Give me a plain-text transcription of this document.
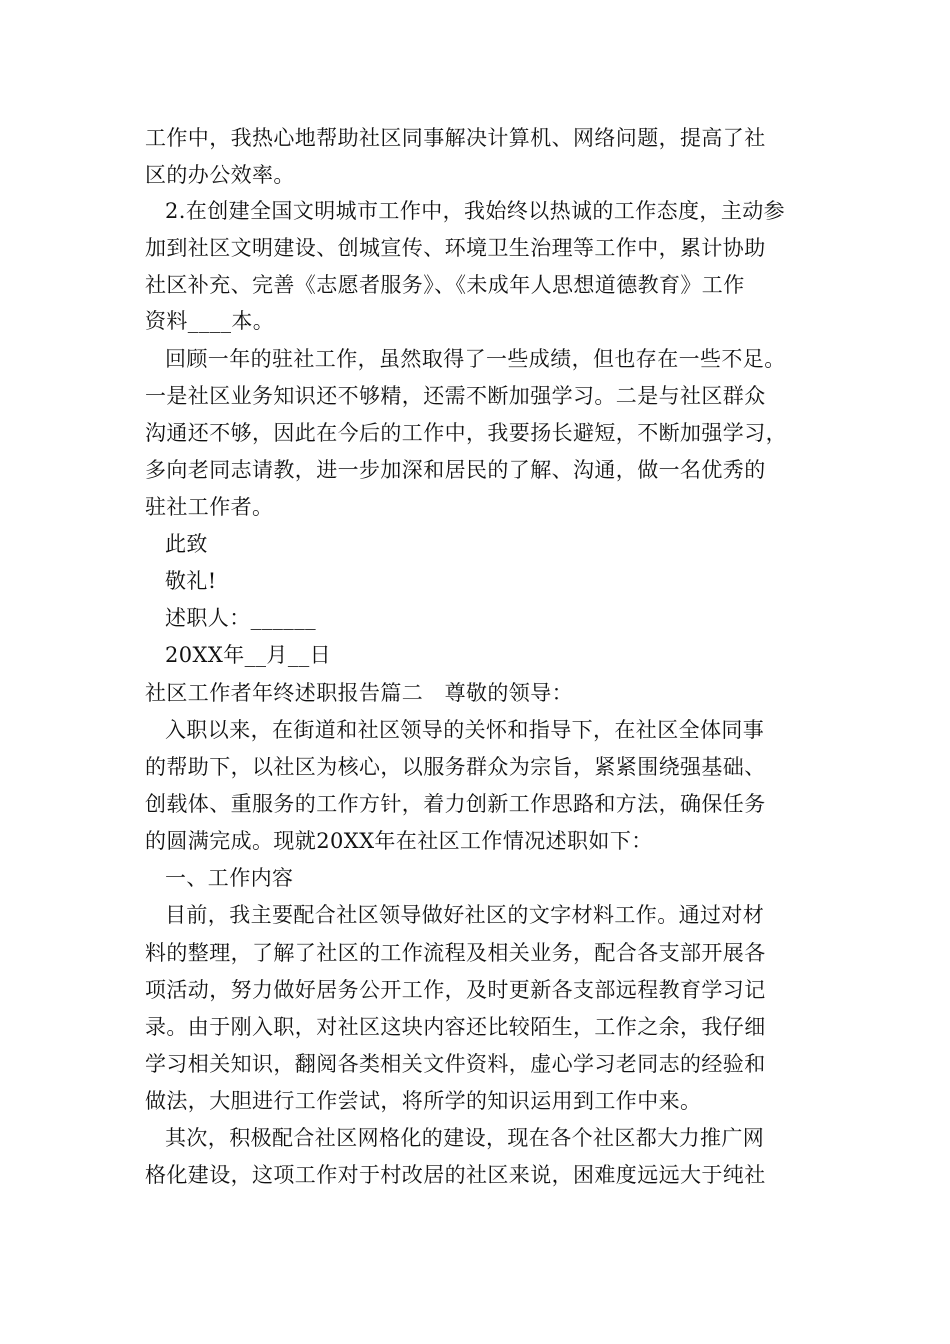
工作中，我热心地帮助社区同事解决计算机、网络问题，提高了社
区的办公效率。
2.在创建全国文明城市工作中，我始终以热诚的工作态度，主动参
加到社区文明建设、创城宣传、环境卫生治理等工作中，累计协助
社区补充、完善《志愿者服务》、《未成年人思想道德教育》工作
资料____本。
回顾一年的驻社工作，虽然取得了一些成绩，但也存在一些不足。
一是社区业务知识还不够精，还需不断加强学习。二是与社区群众
沟通还不够，因此在今后的工作中，我要扬长避短，不断加强学习，
多向老同志请教，进一步加深和居民的了解、沟通，做一名优秀的
驻社工作者。
此致
敬礼!
述职人：______
20XX年__月__日
社区工作者年终述职报告篇二　尊敬的领导：
入职以来，在街道和社区领导的关怀和指导下，在社区全体同事
的帮助下，以社区为核心，以服务群众为宗旨，紧紧围绕强基础、
创载体、重服务的工作方针，着力创新工作思路和方法，确保任务
的圆满完成。现就20XX年在社区工作情况述职如下：
一、工作内容
目前，我主要配合社区领导做好社区的文字材料工作。通过对材
料的整理，了解了社区的工作流程及相关业务，配合各支部开展各
项活动，努力做好居务公开工作，及时更新各支部远程教育学习记
录。由于刚入职，对社区这块内容还比较陌生，工作之余，我仔细
学习相关知识，翻阅各类相关文件资料，虚心学习老同志的经验和
做法，大胆进行工作尝试，将所学的知识运用到工作中来。
其次，积极配合社区网格化的建设，现在各个社区都大力推广网
格化建设，这项工作对于村改居的社区来说，困难度远远大于纯社
